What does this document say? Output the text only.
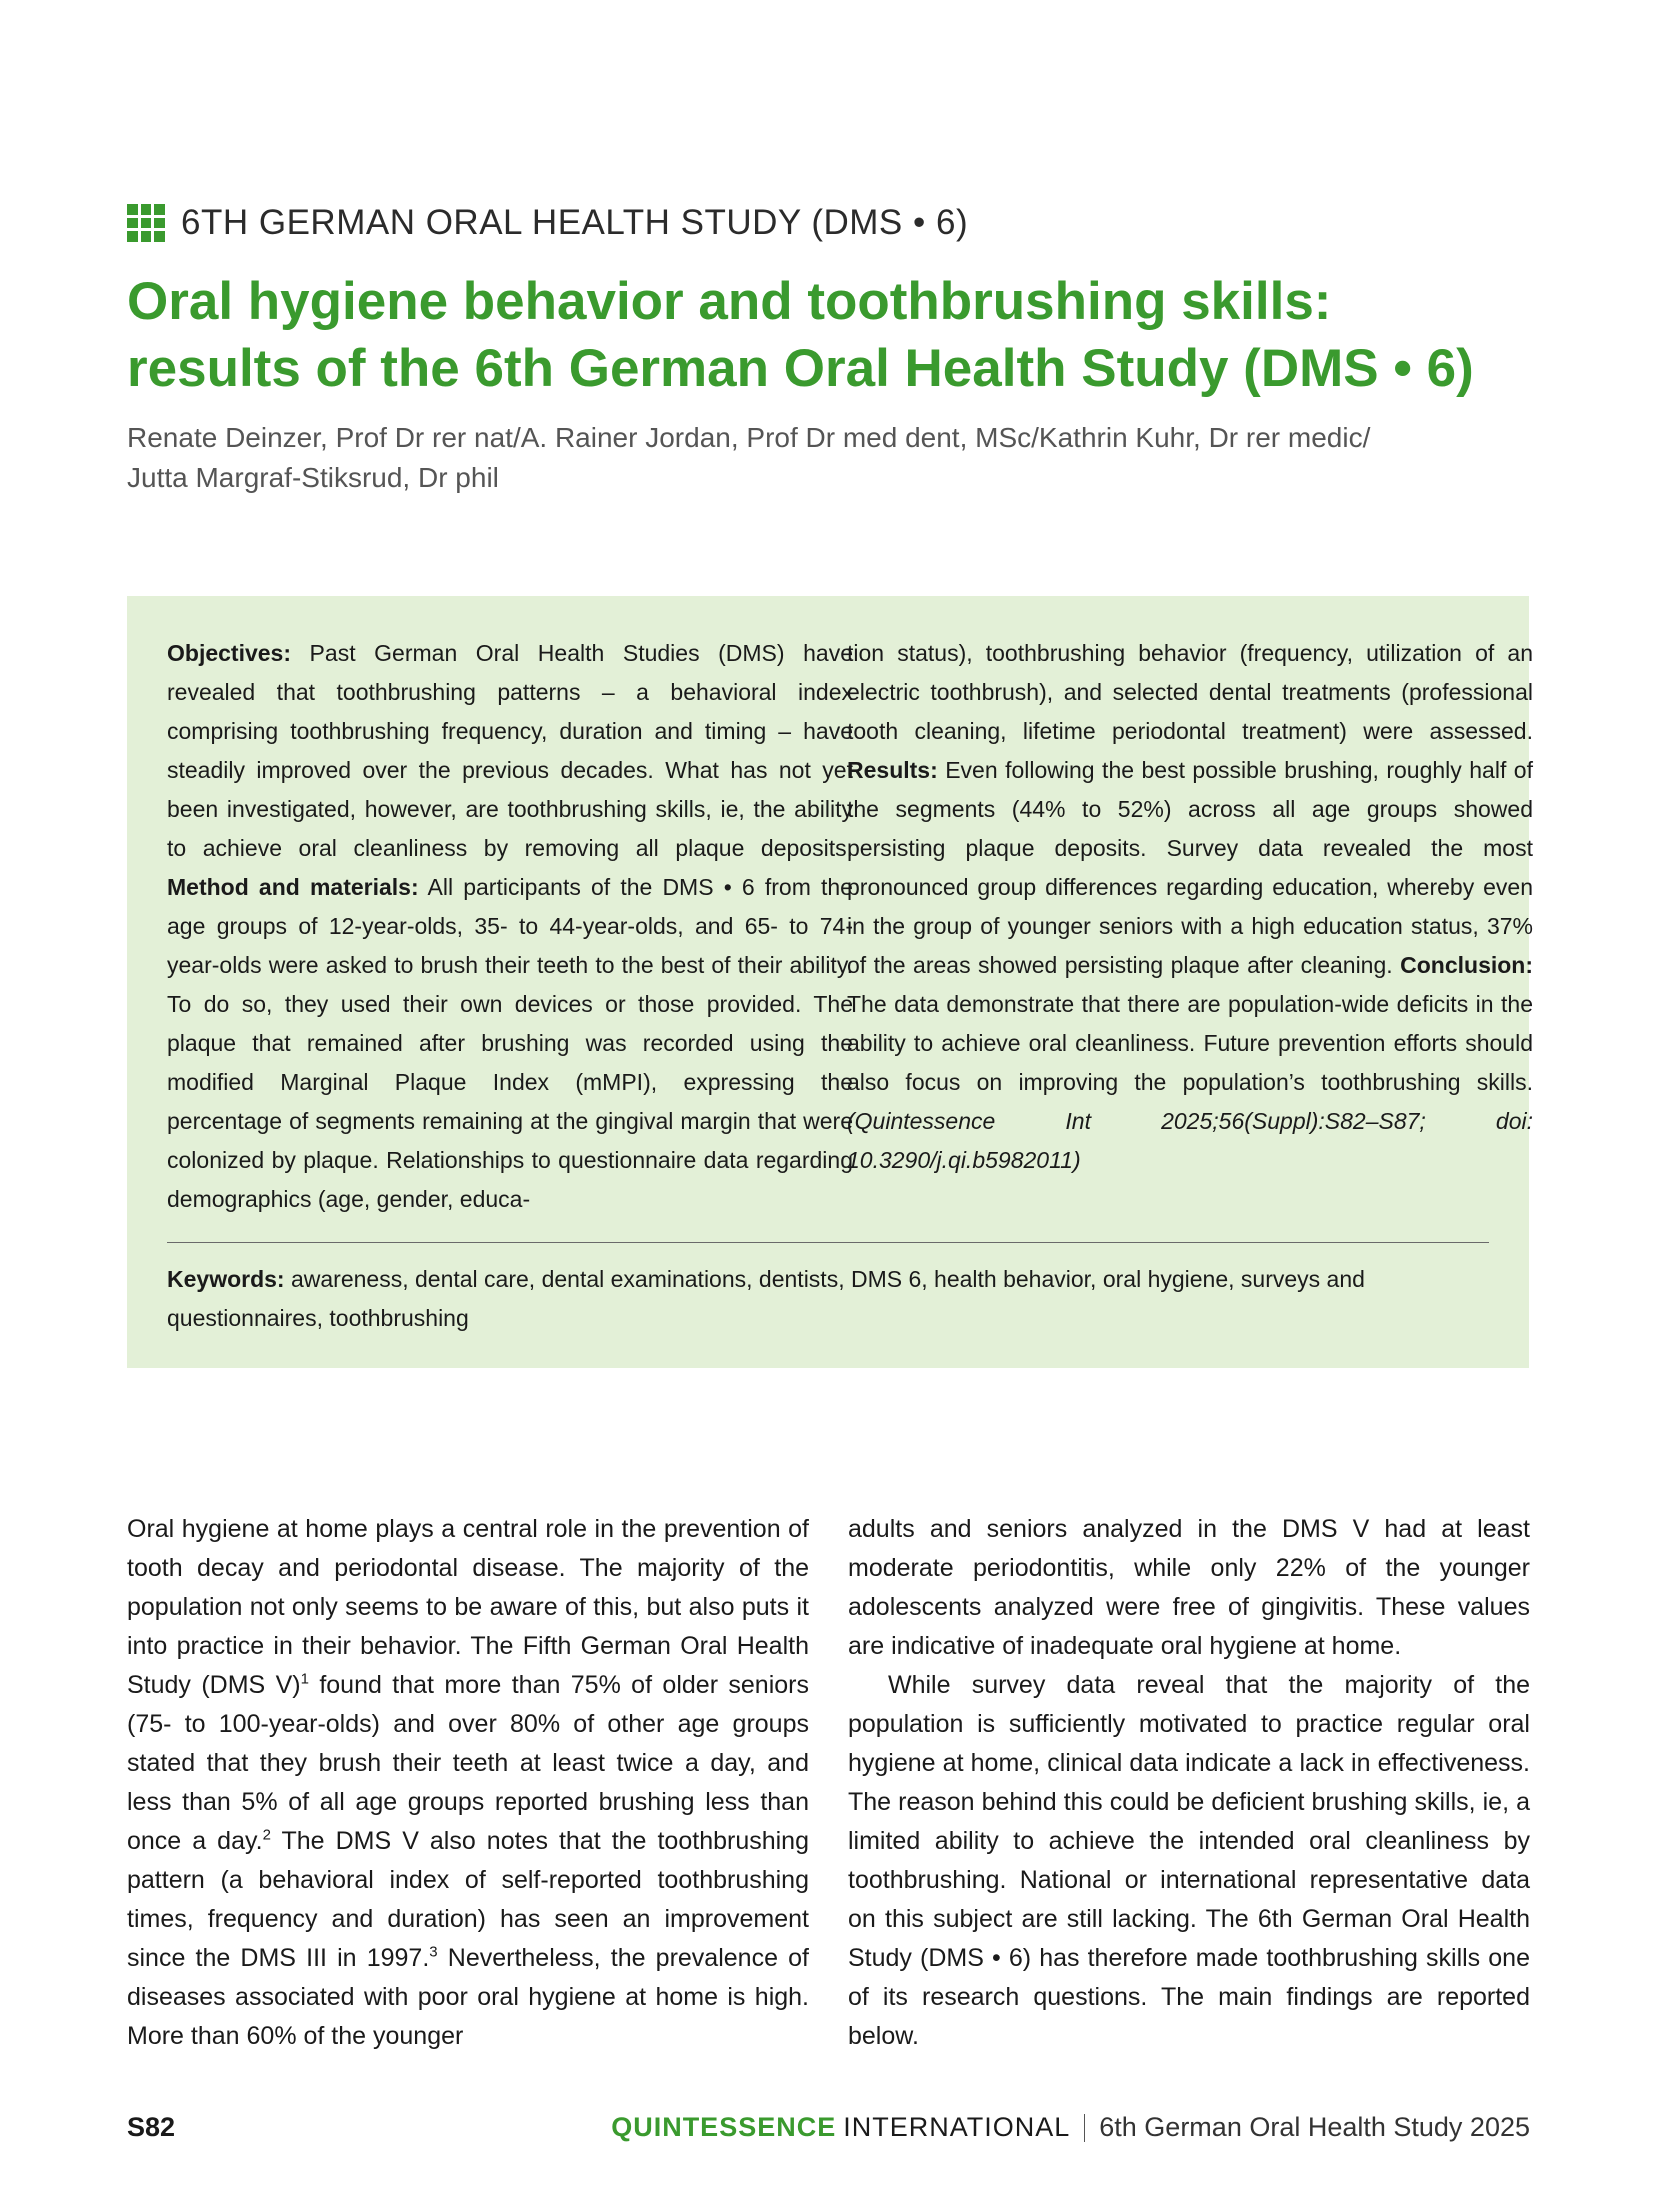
6TH GERMAN ORAL HEALTH STUDY (DMS • 6)
Oral hygiene behavior and toothbrushing skills:
results of the 6th German Oral Health Study (DMS • 6)
Renate Deinzer, Prof Dr rer nat/A. Rainer Jordan, Prof Dr med dent, MSc/Kathrin Kuhr, Dr rer medic/
Jutta Margraf-Stiksrud, Dr phil
Objectives: Past German Oral Health Studies (DMS) have revealed that toothbrushing patterns – a behavioral index comprising toothbrushing frequency, duration and timing – have steadily improved over the previous decades. What has not yet been investigated, however, are toothbrushing skills, ie, the ability to achieve oral cleanliness by removing all plaque deposits. Method and materials: All participants of the DMS • 6 from the age groups of 12-year-olds, 35- to 44-year-olds, and 65- to 74-year-olds were asked to brush their teeth to the best of their ability. To do so, they used their own devices or those provided. The plaque that remained after brushing was recorded using the modified Marginal Plaque Index (mMPI), expressing the percentage of segments remaining at the gingival margin that were colonized by plaque. Relationships to questionnaire data regarding demographics (age, gender, educa-
tion status), toothbrushing behavior (frequency, utilization of an electric toothbrush), and selected dental treatments (professional tooth cleaning, lifetime periodontal treatment) were assessed. Results: Even following the best possible brushing, roughly half of the segments (44% to 52%) across all age groups showed persisting plaque deposits. Survey data revealed the most pronounced group differences regarding education, whereby even in the group of younger seniors with a high education status, 37% of the areas showed persisting plaque after cleaning. Conclusion: The data demonstrate that there are population-wide deficits in the ability to achieve oral cleanliness. Future prevention efforts should also focus on improving the population’s toothbrushing skills. (Quintessence Int 2025;56(Suppl):S82–S87; doi: 10.3290/j.qi.b5982011)
Keywords: awareness, dental care, dental examinations, dentists, DMS 6, health behavior, oral hygiene, surveys and questionnaires, toothbrushing

Oral hygiene at home plays a central role in the prevention of tooth decay and periodontal disease. The majority of the population not only seems to be aware of this, but also puts it into practice in their behavior. The Fifth German Oral Health Study (DMS V)$^1$ found that more than 75% of older seniors (75- to 100-year-olds) and over 80% of other age groups stated that they brush their teeth at least twice a day, and less than 5% of all age groups reported brushing less than once a day.$^2$ The DMS V also notes that the toothbrushing pattern (a behavioral index of self-reported toothbrushing times, frequency and duration) has seen an improvement since the DMS III in 1997.$^3$ Nevertheless, the prevalence of diseases associated with poor oral hygiene at home is high. More than 60% of the younger

adults and seniors analyzed in the DMS V had at least moderate periodontitis, while only 22% of the younger adolescents analyzed were free of gingivitis. These values are indicative of inadequate oral hygiene at home.

While survey data reveal that the majority of the population is sufficiently motivated to practice regular oral hygiene at home, clinical data indicate a lack in effectiveness. The reason behind this could be deficient brushing skills, ie, a limited ability to achieve the intended oral cleanliness by toothbrushing. National or international representative data on this subject are still lacking. The 6th German Oral Health Study (DMS • 6) has therefore made toothbrushing skills one of its research questions. The main findings are reported below.

S82	QUINTESSENCE INTERNATIONAL 6th German Oral Health Study 2025
